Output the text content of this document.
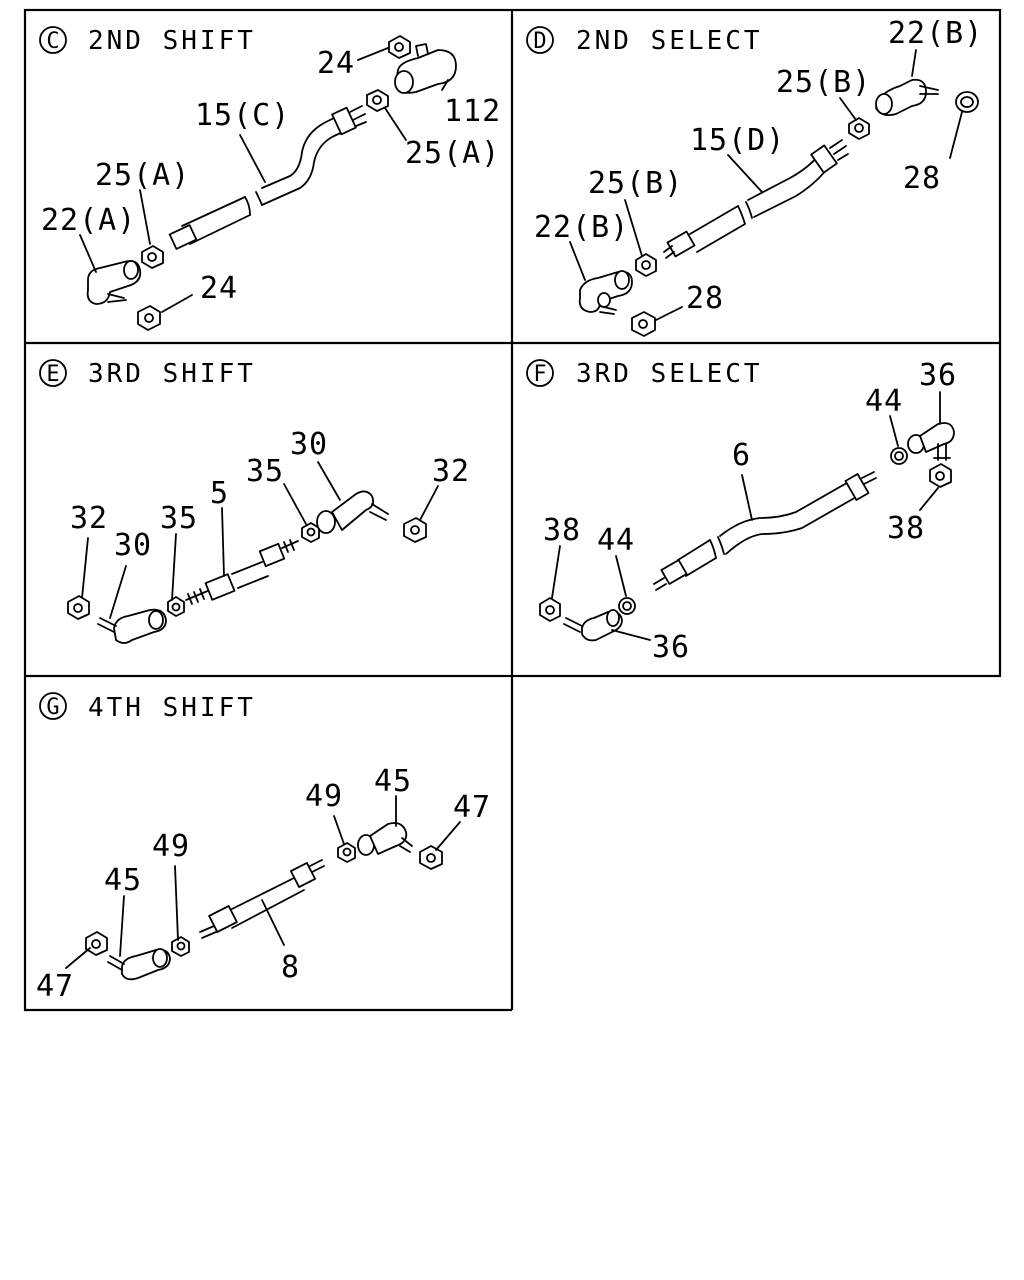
C 2ND SHIFT
24
112
15(C)
25(A)
25(A)
22(A)
24
D 2ND SELECT	22(B)
25(B)
28
15(D)
25(B)
22(B)
28
E 3RD SHIFT
30
32
35
5
32
30
35
F 3RD SELECT	36
44
6
38	38
44
36
G 4TH SHIFT
49 45
47
49
45
47
8
